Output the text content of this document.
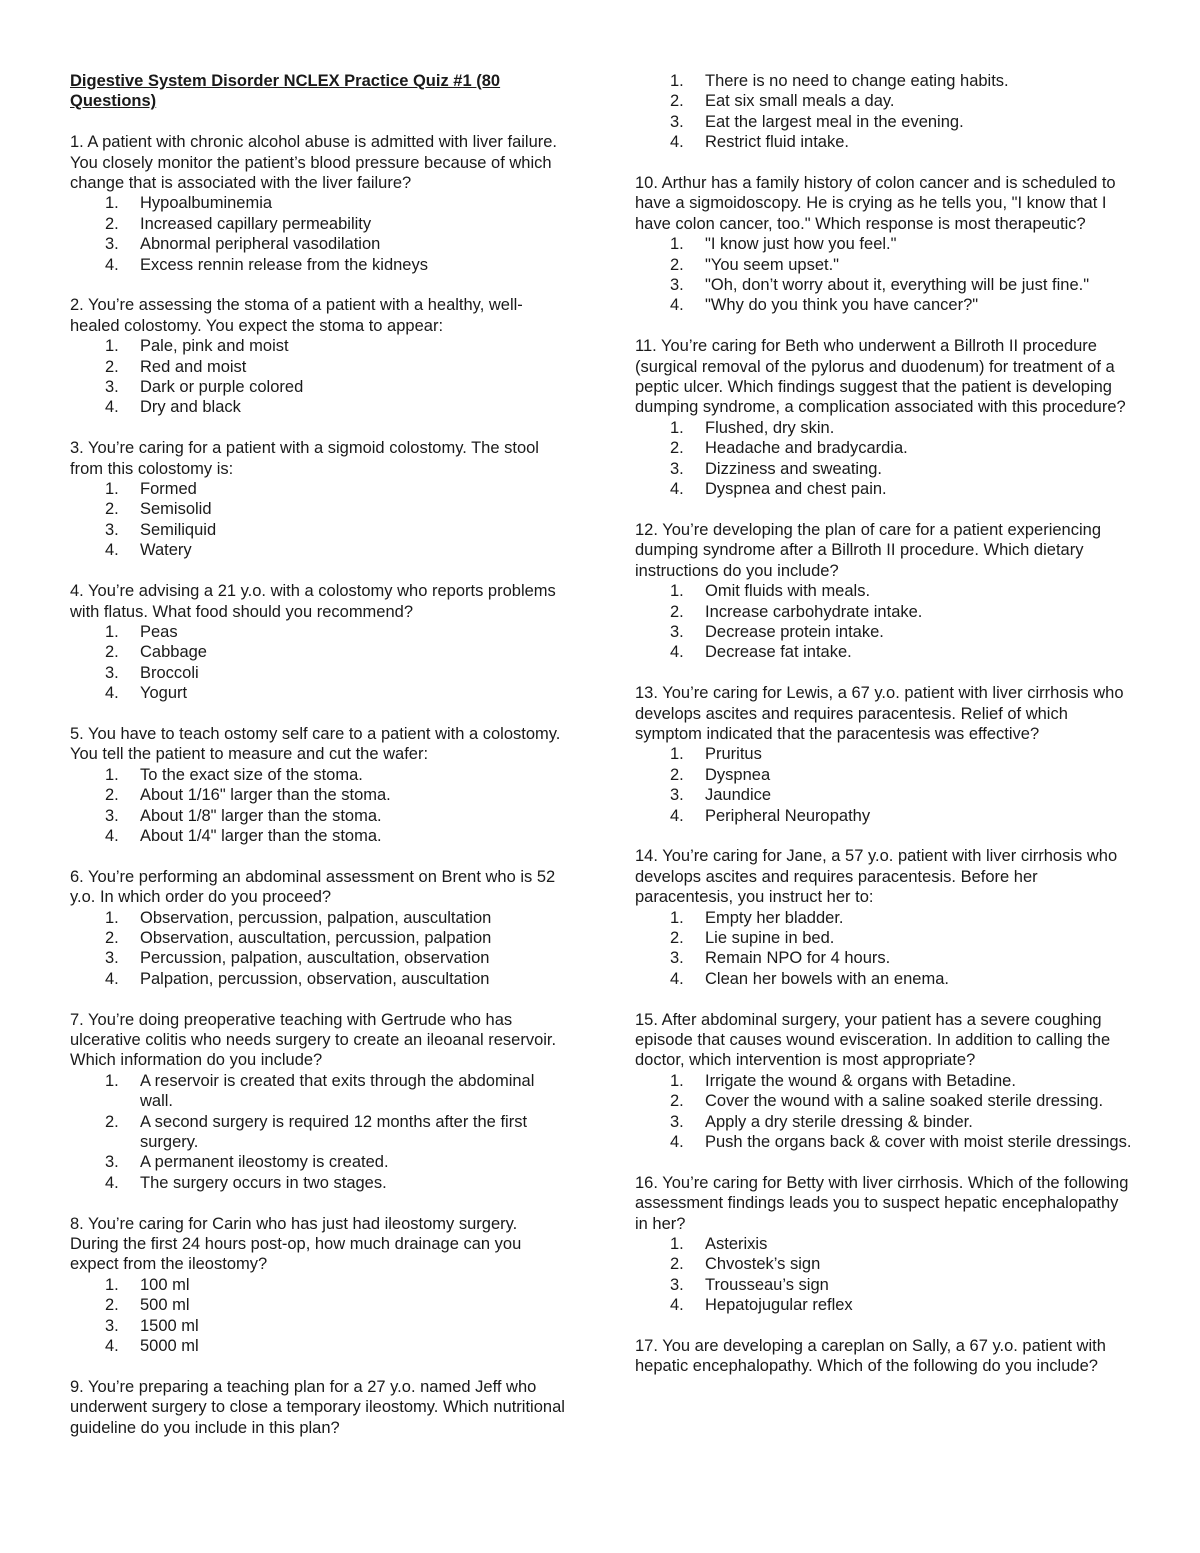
Digestive System Disorder NCLEX Practice Quiz #1 (80 Questions)

1. A patient with chronic alcohol abuse is admitted with liver failure. You closely monitor the patient’s blood pressure because of which change that is associated with the liver failure?

1. Hypoalbuminemia
2. Increased capillary permeability
3. Abnormal peripheral vasodilation
4. Excess rennin release from the kidneys

2. You’re assessing the stoma of a patient with a healthy, well-healed colostomy. You expect the stoma to appear:

1. Pale, pink and moist
2. Red and moist
3. Dark or purple colored
4. Dry and black

3. You’re caring for a patient with a sigmoid colostomy. The stool from this colostomy is:

1. Formed
2. Semisolid
3. Semiliquid
4. Watery

4. You’re advising a 21 y.o. with a colostomy who reports problems with flatus. What food should you recommend?

1. Peas
2. Cabbage
3. Broccoli
4. Yogurt

5. You have to teach ostomy self care to a patient with a colostomy. You tell the patient to measure and cut the wafer:

1. To the exact size of the stoma.
2. About 1/16" larger than the stoma.
3. About 1/8" larger than the stoma.
4. About 1/4" larger than the stoma.

6. You’re performing an abdominal assessment on Brent who is 52 y.o. In which order do you proceed?

1. Observation, percussion, palpation, auscultation
2. Observation, auscultation, percussion, palpation
3. Percussion, palpation, auscultation, observation
4. Palpation, percussion, observation, auscultation

7. You’re doing preoperative teaching with Gertrude who has ulcerative colitis who needs surgery to create an ileoanal reservoir. Which information do you include?

1. A reservoir is created that exits through the abdominal wall.
2. A second surgery is required 12 months after the first surgery.
3. A permanent ileostomy is created.
4. The surgery occurs in two stages.

8. You’re caring for Carin who has just had ileostomy surgery. During the first 24 hours post-op, how much drainage can you expect from the ileostomy?

1. 100 ml
2. 500 ml
3. 1500 ml
4. 5000 ml

9. You’re preparing a teaching plan for a 27 y.o. named Jeff who underwent surgery to close a temporary ileostomy. Which nutritional guideline do you include in this plan?

1. There is no need to change eating habits.
2. Eat six small meals a day.
3. Eat the largest meal in the evening.
4. Restrict fluid intake.

10. Arthur has a family history of colon cancer and is scheduled to have a sigmoidoscopy. He is crying as he tells you, "I know that I have colon cancer, too." Which response is most therapeutic?

1. "I know just how you feel."
2. "You seem upset."
3. "Oh, don’t worry about it, everything will be just fine."
4. "Why do you think you have cancer?"

11. You’re caring for Beth who underwent a Billroth II procedure (surgical removal of the pylorus and duodenum) for treatment of a peptic ulcer. Which findings suggest that the patient is developing dumping syndrome, a complication associated with this procedure?

1. Flushed, dry skin.
2. Headache and bradycardia.
3. Dizziness and sweating.
4. Dyspnea and chest pain.

12. You’re developing the plan of care for a patient experiencing dumping syndrome after a Billroth II procedure. Which dietary instructions do you include?

1. Omit fluids with meals.
2. Increase carbohydrate intake.
3. Decrease protein intake.
4. Decrease fat intake.

13. You’re caring for Lewis, a 67 y.o. patient with liver cirrhosis who develops ascites and requires paracentesis. Relief of which symptom indicated that the paracentesis was effective?

1. Pruritus
2. Dyspnea
3. Jaundice
4. Peripheral Neuropathy

14. You’re caring for Jane, a 57 y.o. patient with liver cirrhosis who develops ascites and requires paracentesis. Before her paracentesis, you instruct her to:

1. Empty her bladder.
2. Lie supine in bed.
3. Remain NPO for 4 hours.
4. Clean her bowels with an enema.

15. After abdominal surgery, your patient has a severe coughing episode that causes wound evisceration. In addition to calling the doctor, which intervention is most appropriate?

1. Irrigate the wound & organs with Betadine.
2. Cover the wound with a saline soaked sterile dressing.
3. Apply a dry sterile dressing & binder.
4. Push the organs back & cover with moist sterile dressings.

16. You’re caring for Betty with liver cirrhosis. Which of the following assessment findings leads you to suspect hepatic encephalopathy in her?

1. Asterixis
2. Chvostek’s sign
3. Trousseau’s sign
4. Hepatojugular reflex

17. You are developing a careplan on Sally, a 67 y.o. patient with hepatic encephalopathy. Which of the following do you include?
